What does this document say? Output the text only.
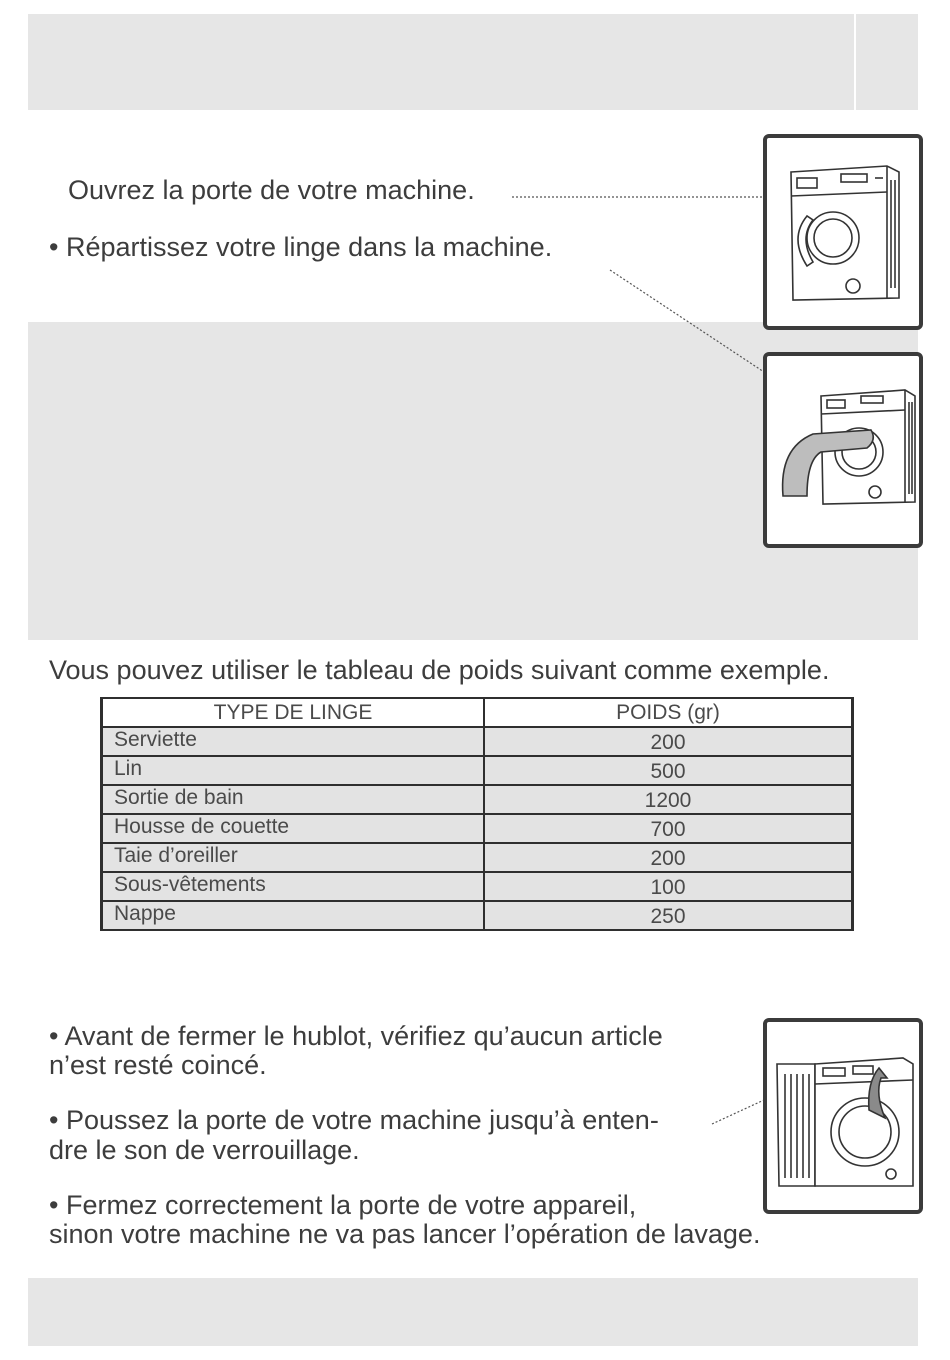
Ouvrez la porte de votre machine.
• Répartissez votre linge dans la machine.
Vous pouvez utiliser le tableau de poids suivant comme exemple.
TYPE DE LINGE	POIDS (gr)
Serviette	200
Lin	500
Sortie de bain	1200
Housse de couette	700
Taie d’oreiller	200
Sous-vêtements	100
Nappe	250
• Avant de fermer le hublot, vérifiez qu’aucun article
n’est resté coincé.
• Poussez la porte de votre machine jusqu’à enten-
dre le son de verrouillage.
• Fermez correctement la porte de votre appareil,
sinon votre machine ne va pas lancer l’opération de lavage.
